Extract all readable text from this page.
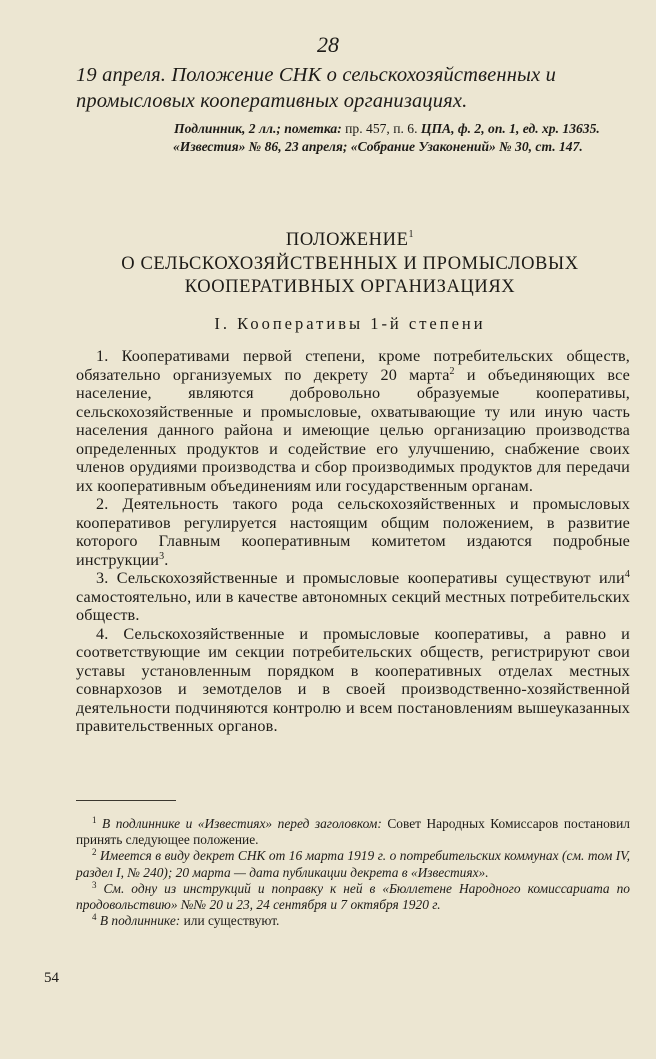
28
19 апреля. Положение СНК о сельскохозяйственных и промысловых кооперативных организациях.

Подлинник, 2 лл.; пометка: пр. 457, п. 6. ЦПА, ф. 2, оп. 1, ед. хр. 13635.

«Известия» № 86, 23 апреля; «Собрание Узаконений» № 30, ст. 147.

ПОЛОЖЕНИЕ$^1$
О СЕЛЬСКОХОЗЯЙСТВЕННЫХ И ПРОМЫСЛОВЫХ
КООПЕРАТИВНЫХ ОРГАНИЗАЦИЯХ
I. Кооперативы 1-й степени

1. Кооперативами первой степени, кроме потребительских обществ, обязательно организуемых по декрету 20 марта$^2$ и объединяющих все население, являются добровольно образуемые кооперативы, сельскохозяйственные и промысловые, охватывающие ту или иную часть населения данного района и имеющие целью организацию производства определенных продуктов и содействие его улучшению, снабжение своих членов орудиями производства и сбор производимых продуктов для передачи их кооперативным объединениям или государственным органам.

2. Деятельность такого рода сельскохозяйственных и промысловых кооперативов регулируется настоящим общим положением, в развитие которого Главным кооперативным комитетом издаются подробные инструкции$^3$.

3. Сельскохозяйственные и промысловые кооперативы существуют или$^4$ самостоятельно, или в качестве автономных секций местных потребительских обществ.

4. Сельскохозяйственные и промысловые кооперативы, а равно и соответствующие им секции потребительских обществ, регистрируют свои уставы установленным порядком в кооперативных отделах местных совнархозов и земотделов и в своей производственно-хозяйственной деятельности подчиняются контролю и всем постановлениям вышеуказанных правительственных органов.

$^1$ В подлиннике и «Известиях» перед заголовком: Совет Народных Комиссаров постановил принять следующее положение.

$^2$ Имеется в виду декрет СНК от 16 марта 1919 г. о потребительских коммунах (см. том IV, раздел I, № 240); 20 марта — дата публикации декрета в «Известиях».

$^3$ См. одну из инструкций и поправку к ней в «Бюллетене Народного комиссариата по продовольствию» №№ 20 и 23, 24 сентября и 7 октября 1920 г.

$^4$ В подлиннике: или существуют.

54
